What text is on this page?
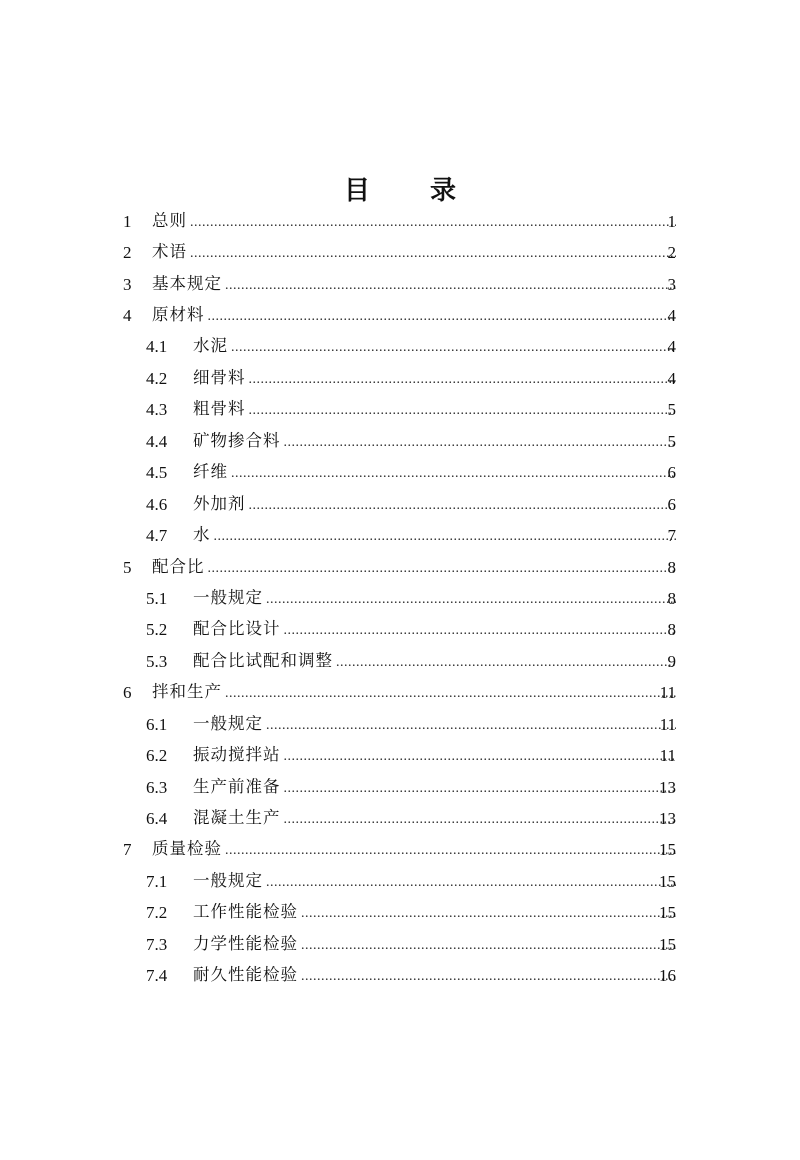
目 录
1 总则 .....	1
2 术语 .....	2
3 基本规定 .....	3
4 原材料 .....	4
4.1 水泥 .....	4
4.2 细骨料 .....	4
4.3 粗骨料 .....	5
4.4 矿物掺合料 .....	5
4.5 纤维 .....	6
4.6 外加剂 .....	6
4.7 水 .....	7
5 配合比 .....	8
5.1 一般规定 .....	8
5.2 配合比设计 .....	8
5.3 配合比试配和调整 .....	9
6 拌和生产 .....	11
6.1 一般规定 .....	11
6.2 振动搅拌站 .....	11
6.3 生产前准备 .....	13
6.4 混凝土生产 .....	13
7 质量检验 .....	15
7.1 一般规定 .....	15
7.2 工作性能检验 .....	15
7.3 力学性能检验 .....	15
7.4 耐久性能检验 .....	16
